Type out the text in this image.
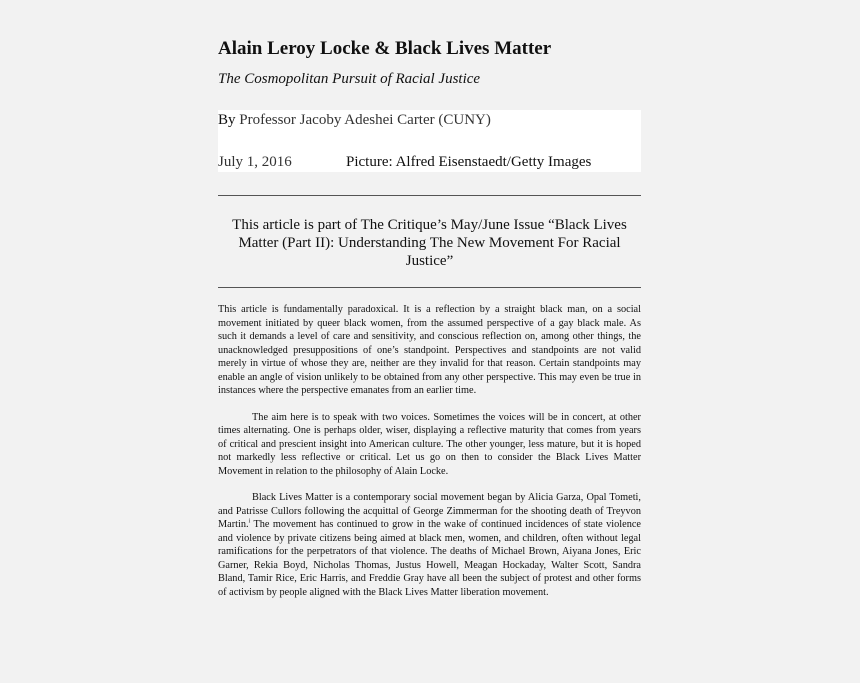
Alain Leroy Locke & Black Lives Matter
The Cosmopolitan Pursuit of Racial Justice
By Professor Jacoby Adeshei Carter (CUNY)
July 1, 2016	Picture: Alfred Eisenstaedt/Getty Images
This article is part of The Critique’s May/June Issue “Black Lives Matter (Part II): Understanding The New Movement For Racial Justice”

This article is fundamentally paradoxical. It is a reflection by a straight black man, on a social movement initiated by queer black women, from the assumed perspective of a gay black male. As such it demands a level of care and sensitivity, and conscious reflection on, among other things, the unacknowledged presuppositions of one’s standpoint. Perspectives and standpoints are not valid merely in virtue of whose they are, neither are they invalid for that reason. Certain standpoints may enable an angle of vision unlikely to be obtained from any other perspective. This may even be true in instances where the perspective emanates from an earlier time.

The aim here is to speak with two voices. Sometimes the voices will be in concert, at other times alternating. One is perhaps older, wiser, displaying a reflective maturity that comes from years of critical and prescient insight into American culture. The other younger, less mature, but it is hoped not markedly less reflective or critical. Let us go on then to consider the Black Lives Matter Movement in relation to the philosophy of Alain Locke.

Black Lives Matter is a contemporary social movement began by Alicia Garza, Opal Tometi, and Patrisse Cullors following the acquittal of George Zimmerman for the shooting death of Treyvon Martin.$^i$ The movement has continued to grow in the wake of continued incidences of state violence and violence by private citizens being aimed at black men, women, and children, often without legal ramifications for the perpetrators of that violence. The deaths of Michael Brown, Aiyana Jones, Eric Garner, Rekia Boyd, Nicholas Thomas, Justus Howell, Meagan Hockaday, Walter Scott, Sandra Bland, Tamir Rice, Eric Harris, and Freddie Gray have all been the subject of protest and other forms of activism by people aligned with the Black Lives Matter liberation movement.
